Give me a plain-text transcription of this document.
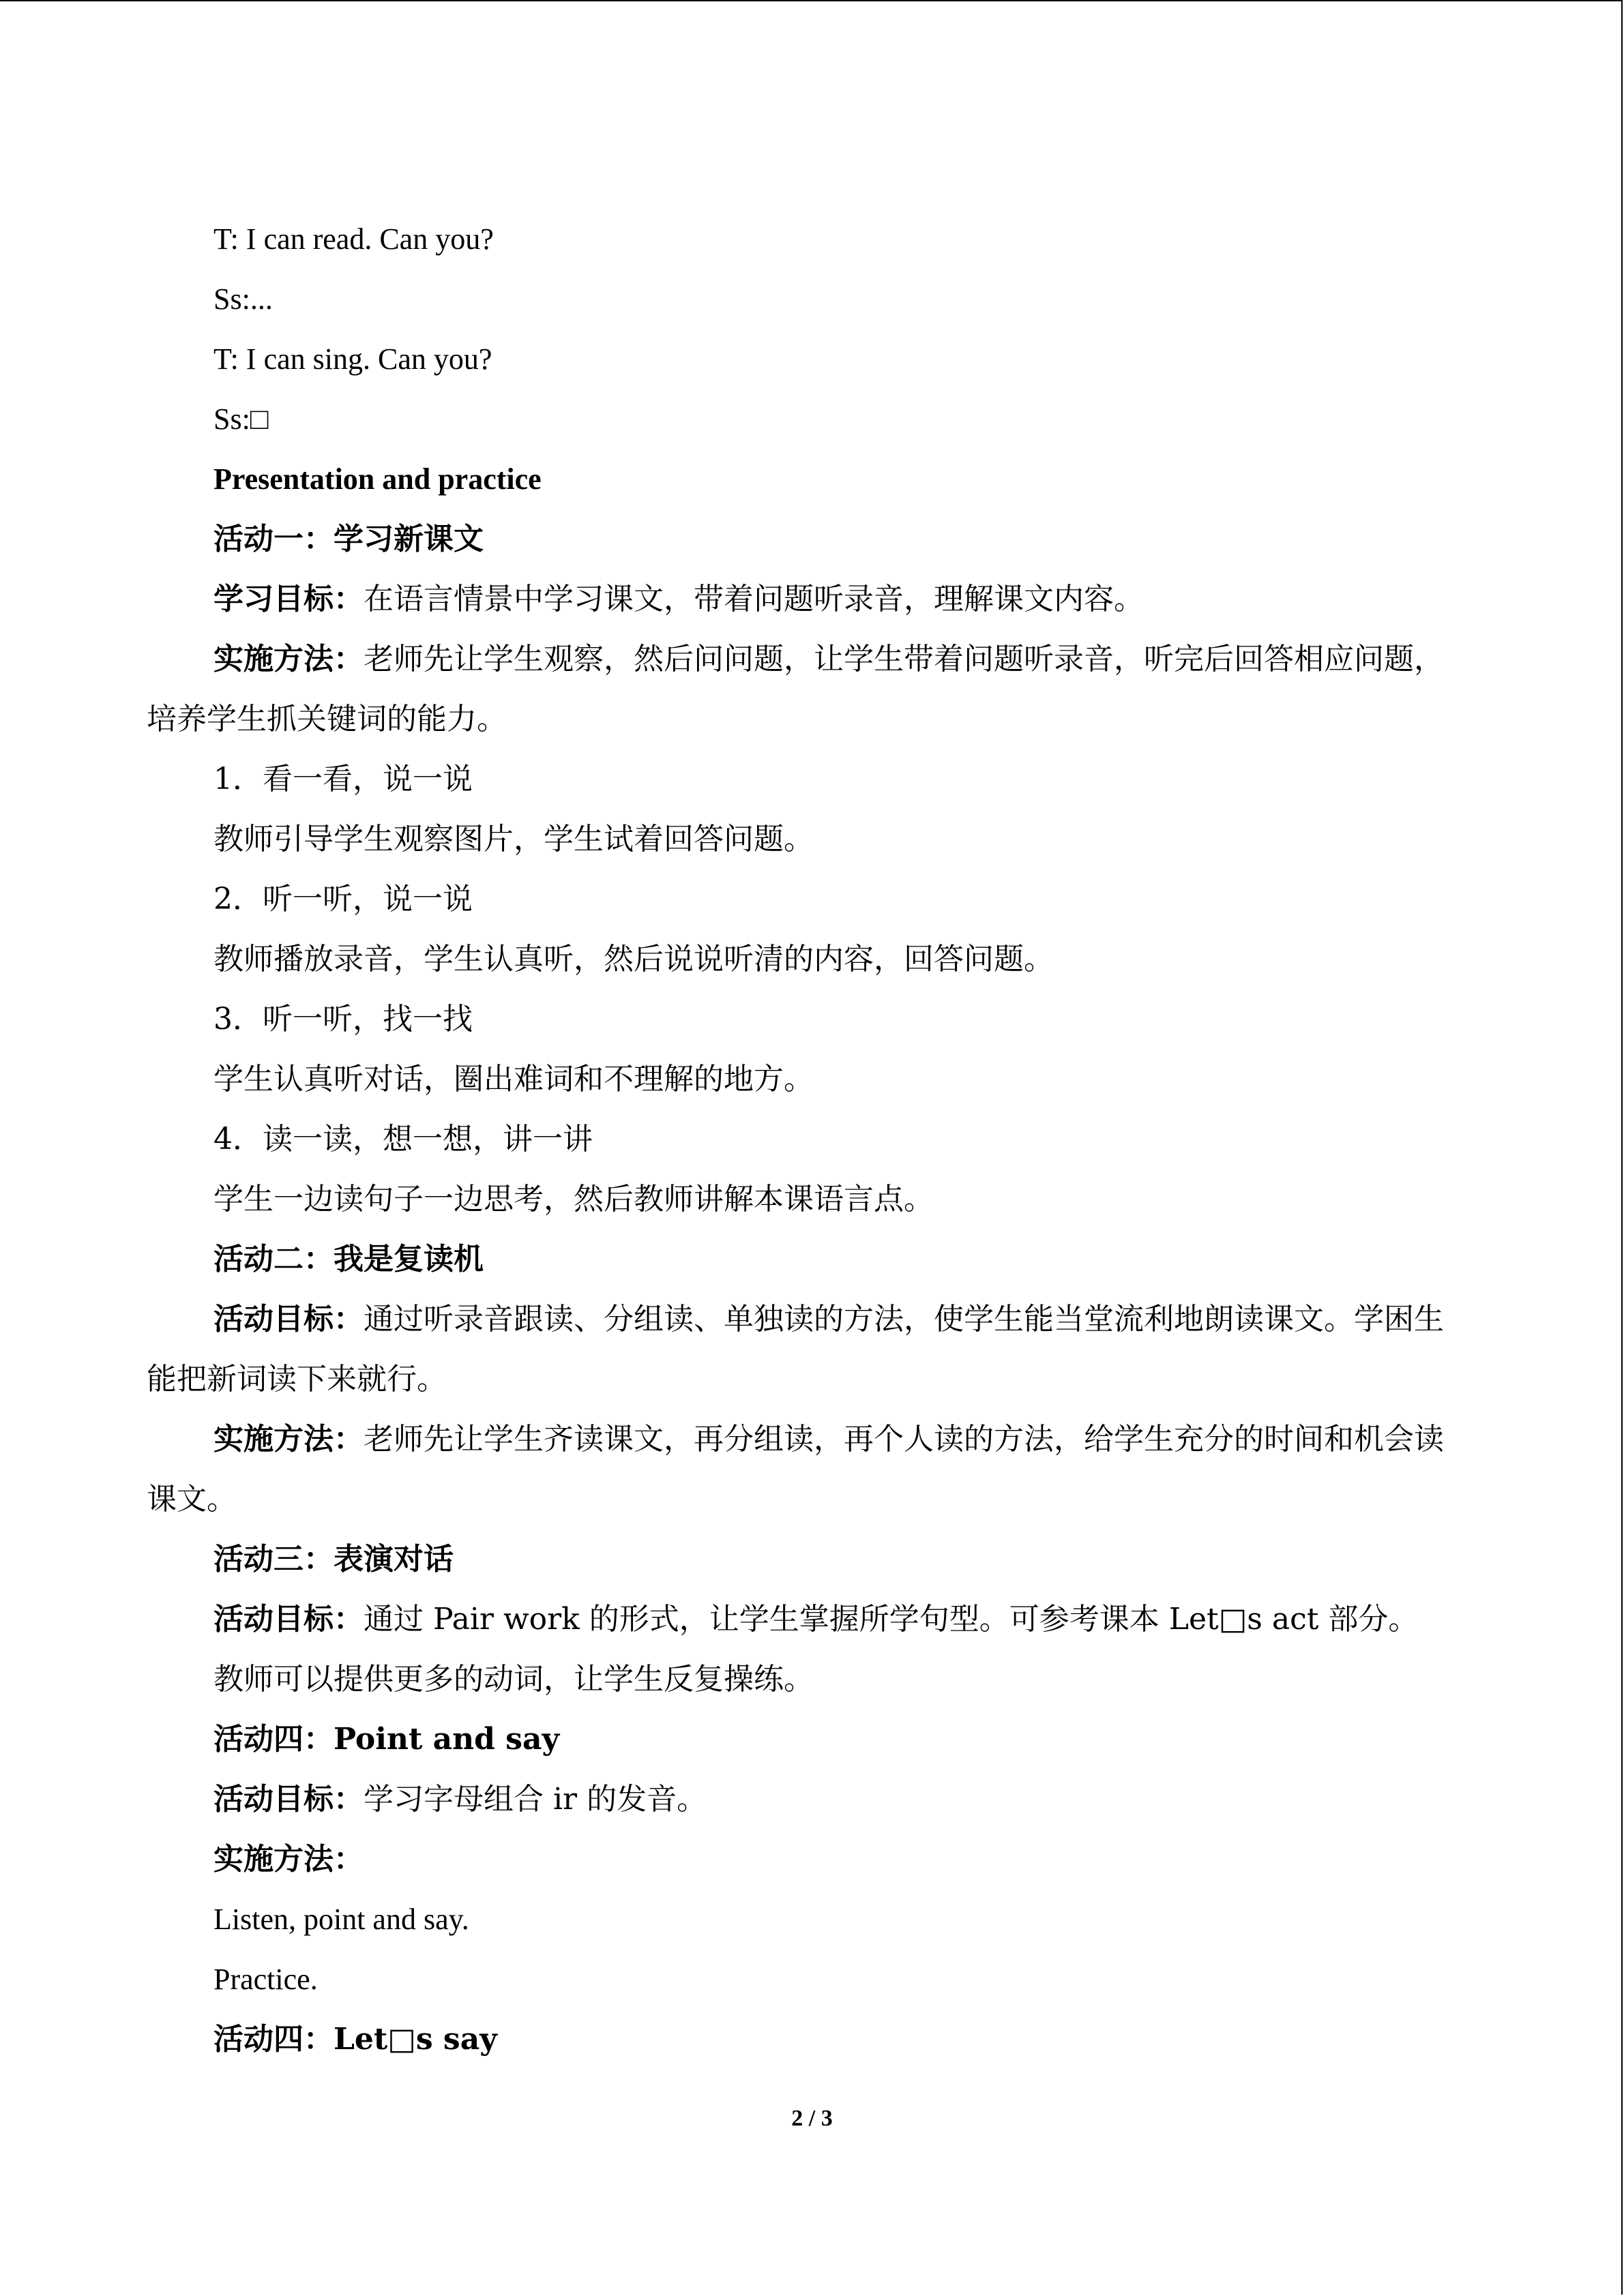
T: I can read. Can you?
Ss:...
T: I can sing. Can you?
Ss:□
Presentation and practice
活动一：学习新课文
学习目标：在语言情景中学习课文，带着问题听录音，理解课文内容。
实施方法：老师先让学生观察，然后问问题，让学生带着问题听录音，听完后回答相应问题，培养学生抓关键词的能力。
1．看一看，说一说
教师引导学生观察图片，学生试着回答问题。
2．听一听，说一说
教师播放录音，学生认真听，然后说说听清的内容，回答问题。
3．听一听，找一找
学生认真听对话，圈出难词和不理解的地方。
4．读一读，想一想，讲一讲
学生一边读句子一边思考，然后教师讲解本课语言点。
活动二：我是复读机
活动目标：通过听录音跟读、分组读、单独读的方法，使学生能当堂流利地朗读课文。学困生能把新词读下来就行。
实施方法：老师先让学生齐读课文，再分组读，再个人读的方法，给学生充分的时间和机会读课文。
活动三：表演对话
活动目标：通过 Pair work 的形式，让学生掌握所学句型。可参考课本 Let□s act 部分。
教师可以提供更多的动词，让学生反复操练。
活动四：Point and say
活动目标：学习字母组合 ir 的发音。
实施方法：
Listen, point and say.
Practice.
活动四：Let□s say
2 / 3
